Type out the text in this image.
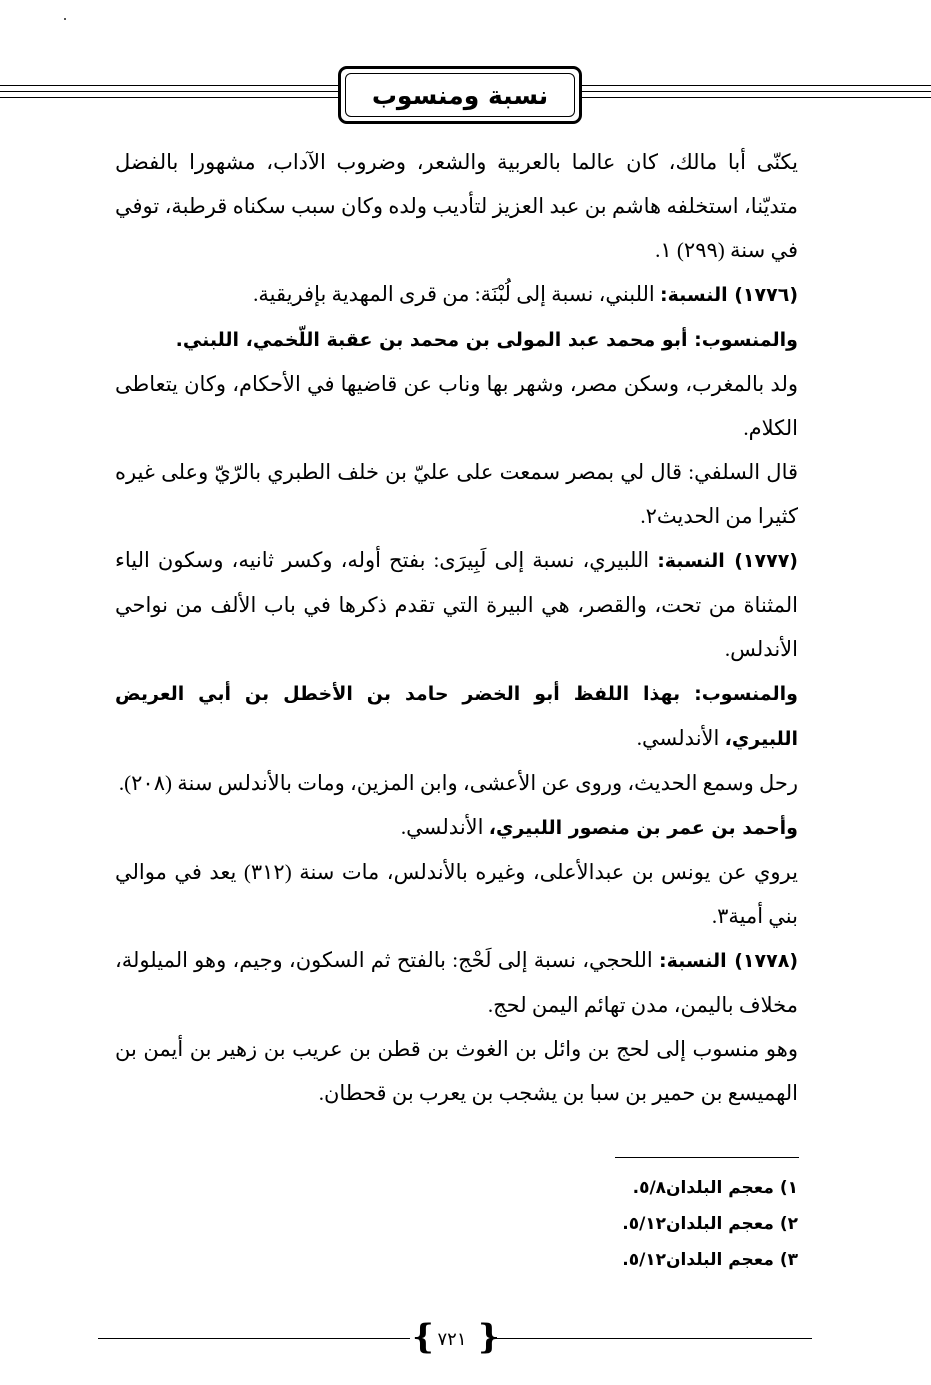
نسبة ومنسوب

يكنّى أبا مالك، كان عالما بالعربية والشعر، وضروب الآداب، مشهورا بالفضل متديّنا، استخلفه هاشم بن عبد العزيز لتأديب ولده وكان سبب سكناه قرطبة، توفي في سنة (٢٩٩) ١.

(١٧٧٦) النسبة: اللبني، نسبة إلى لُبْنَة: من قرى المهدية بإفريقية.

والمنسوب: أبو محمد عبد المولى بن محمد بن عقبة اللّخمي، اللبني.

ولد بالمغرب، وسكن مصر، وشهر بها وناب عن قاضيها في الأحكام، وكان يتعاطى الكلام.

قال السلفي: قال لي بمصر سمعت على عليّ بن خلف الطبري بالرّيّ وعلى غيره كثيرا من الحديث٢.

(١٧٧٧) النسبة: اللبيري، نسبة إلى لَبِيرَى: بفتح أوله، وكسر ثانيه، وسكون الياء المثناة من تحت، والقصر، هي البيرة التي تقدم ذكرها في باب الألف من نواحي الأندلس.

والمنسوب: بهذا اللفظ أبو الخضر حامد بن الأخطل بن أبي العريض اللبيري، الأندلسي.

رحل وسمع الحديث، وروى عن الأعشى، وابن المزين، ومات بالأندلس سنة (٢٠٨).

وأحمد بن عمر بن منصور اللبيري، الأندلسي.

يروي عن يونس بن عبدالأعلى، وغيره بالأندلس، مات سنة (٣١٢) يعد في موالي بني أمية٣.

(١٧٧٨) النسبة: اللحجي، نسبة إلى لَحْج: بالفتح ثم السكون، وجيم، وهو الميلولة، مخلاف باليمن، مدن تهائم اليمن لحج.

وهو منسوب إلى لحج بن وائل بن الغوث بن قطن بن عريب بن زهير بن أيمن بن الهميسع بن حمير بن سبا بن يشجب بن يعرب بن قحطان.

١) معجم البلدان٥/٨.
٢) معجم البلدان٥/١٢.
٣) معجم البلدان٥/١٢.
{ }
٧٢١
